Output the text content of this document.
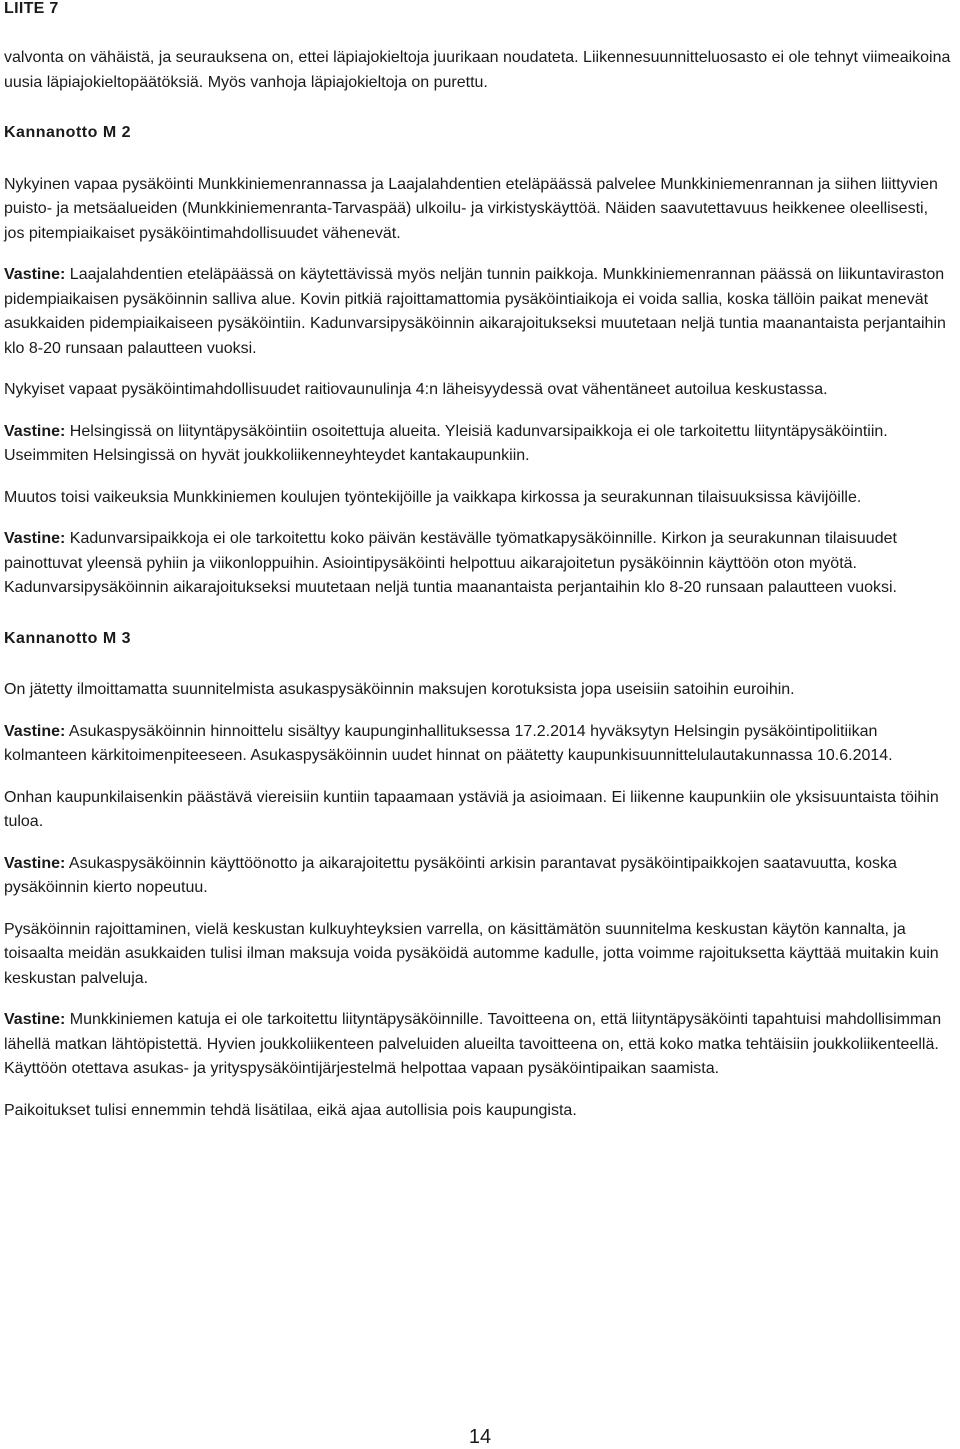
LIITE 7

valvonta on vähäistä, ja seurauksena on, ettei läpiajokieltoja juurikaan noudateta. Liikennesuunnitteluosasto ei ole tehnyt viimeaikoina uusia läpiajokieltopäätöksiä. Myös vanhoja läpiajokieltoja on purettu.

Kannanotto M 2

Nykyinen vapaa pysäköinti Munkkiniemenrannassa ja Laajalahdentien eteläpäässä palvelee Munkkiniemenrannan ja siihen liittyvien puisto- ja metsäalueiden (Munkkiniemenranta-Tarvaspää) ulkoilu- ja virkistyskäyttöä. Näiden saavutettavuus heikkenee oleellisesti, jos pitempiaikaiset pysäköintimahdollisuudet vähenevät.

Vastine: Laajalahdentien eteläpäässä on käytettävissä myös neljän tunnin paikkoja. Munkkiniemenrannan päässä on liikuntaviraston pidempiaikaisen pysäköinnin salliva alue. Kovin pitkiä rajoittamattomia pysäköintiaikoja ei voida sallia, koska tällöin paikat menevät asukkaiden pidempiaikaiseen pysäköintiin. Kadunvarsipysäköinnin aikarajoitukseksi muutetaan neljä tuntia maanantaista perjantaihin klo 8-20 runsaan palautteen vuoksi.

Nykyiset vapaat pysäköintimahdollisuudet raitiovaunulinja 4:n läheisyydessä ovat vähentäneet autoilua keskustassa.

Vastine: Helsingissä on liityntäpysäköintiin osoitettuja alueita. Yleisiä kadunvarsipaikkoja ei ole tarkoitettu liityntäpysäköintiin. Useimmiten Helsingissä on hyvät joukkoliikenneyhteydet kantakaupunkiin.

Muutos toisi vaikeuksia Munkkiniemen koulujen työntekijöille ja vaikkapa kirkossa ja seurakunnan tilaisuuksissa kävijöille.

Vastine: Kadunvarsipaikkoja ei ole tarkoitettu koko päivän kestävälle työmatkapysäköinnille. Kirkon ja seurakunnan tilaisuudet painottuvat yleensä pyhiin ja viikonloppuihin. Asiointipysäköinti helpottuu aikarajoitetun pysäköinnin käyttöön oton myötä. Kadunvarsipysäköinnin aikarajoitukseksi muutetaan neljä tuntia maanantaista perjantaihin klo 8-20 runsaan palautteen vuoksi.

Kannanotto M 3

On jätetty ilmoittamatta suunnitelmista asukaspysäköinnin maksujen korotuksista jopa useisiin satoihin euroihin.

Vastine: Asukaspysäköinnin hinnoittelu sisältyy kaupunginhallituksessa 17.2.2014 hyväksytyn Helsingin pysäköintipolitiikan kolmanteen kärkitoimenpiteeseen. Asukaspysäköinnin uudet hinnat on päätetty kaupunkisuunnittelulautakunnassa 10.6.2014.

Onhan kaupunkilaisenkin päästävä viereisiin kuntiin tapaamaan ystäviä ja asioimaan. Ei liikenne kaupunkiin ole yksisuuntaista töihin tuloa.

Vastine: Asukaspysäköinnin käyttöönotto ja aikarajoitettu pysäköinti arkisin parantavat pysäköintipaikkojen saatavuutta, koska pysäköinnin kierto nopeutuu.

Pysäköinnin rajoittaminen, vielä keskustan kulkuyhteyksien varrella, on käsittämätön suunnitelma keskustan käytön kannalta, ja toisaalta meidän asukkaiden tulisi ilman maksuja voida pysäköidä automme kadulle, jotta voimme rajoituksetta käyttää muitakin kuin keskustan palveluja.

Vastine: Munkkiniemen katuja ei ole tarkoitettu liityntäpysäköinnille. Tavoitteena on, että liityntäpysäköinti tapahtuisi mahdollisimman lähellä matkan lähtöpistettä. Hyvien joukkoliikenteen palveluiden alueilta tavoitteena on, että koko matka tehtäisiin joukkoliikenteellä. Käyttöön otettava asukas- ja yrityspysäköintijärjestelmä helpottaa vapaan pysäköintipaikan saamista.

Paikoitukset tulisi ennemmin tehdä lisätilaa, eikä ajaa autollisia pois kaupungista.

14
